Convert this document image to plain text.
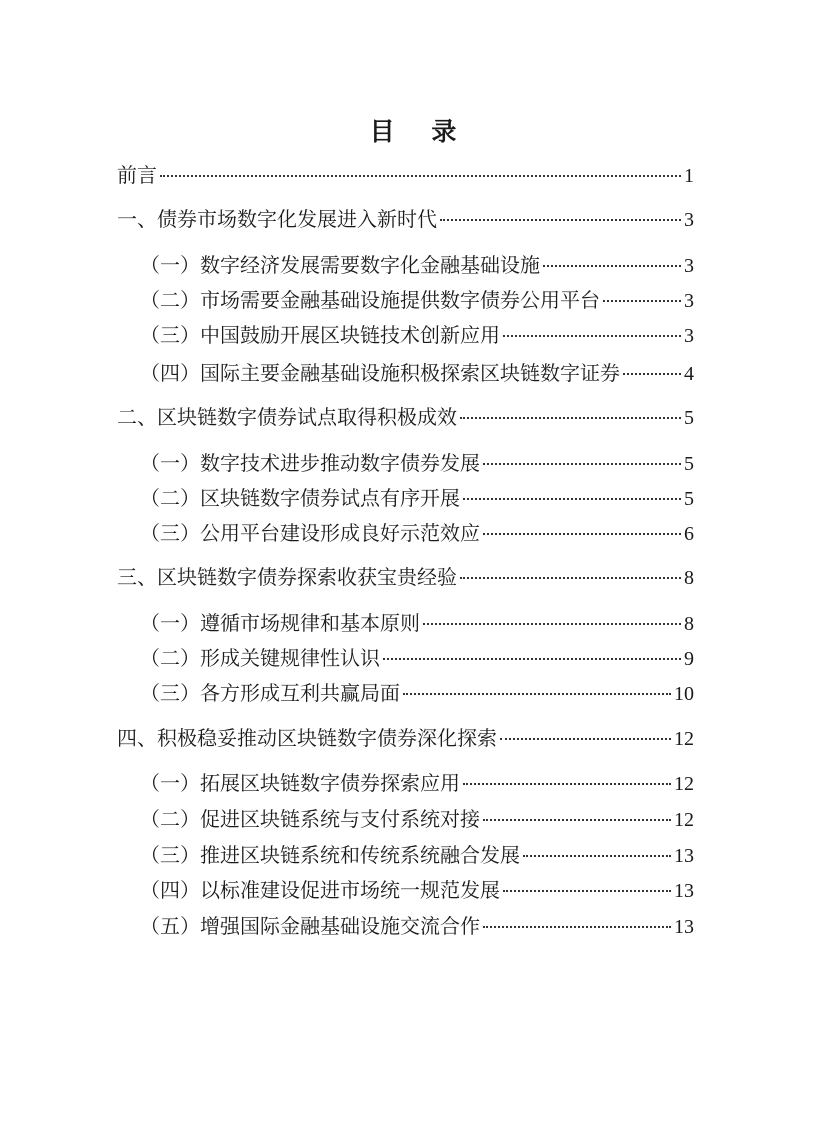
目 录
前言	1
一、债券市场数字化发展进入新时代	3
（一）数字经济发展需要数字化金融基础设施	3
（二）市场需要金融基础设施提供数字债券公用平台	3
（三）中国鼓励开展区块链技术创新应用	3
（四）国际主要金融基础设施积极探索区块链数字证券	4
二、区块链数字债券试点取得积极成效	5
（一）数字技术进步推动数字债券发展	5
（二）区块链数字债券试点有序开展	5
（三）公用平台建设形成良好示范效应	6
三、区块链数字债券探索收获宝贵经验	8
（一）遵循市场规律和基本原则	8
（二）形成关键规律性认识	9
（三）各方形成互利共赢局面	10
四、积极稳妥推动区块链数字债券深化探索	12
（一）拓展区块链数字债券探索应用	12
（二）促进区块链系统与支付系统对接	12
（三）推进区块链系统和传统系统融合发展	13
（四）以标准建设促进市场统一规范发展	13
（五）增强国际金融基础设施交流合作	13
